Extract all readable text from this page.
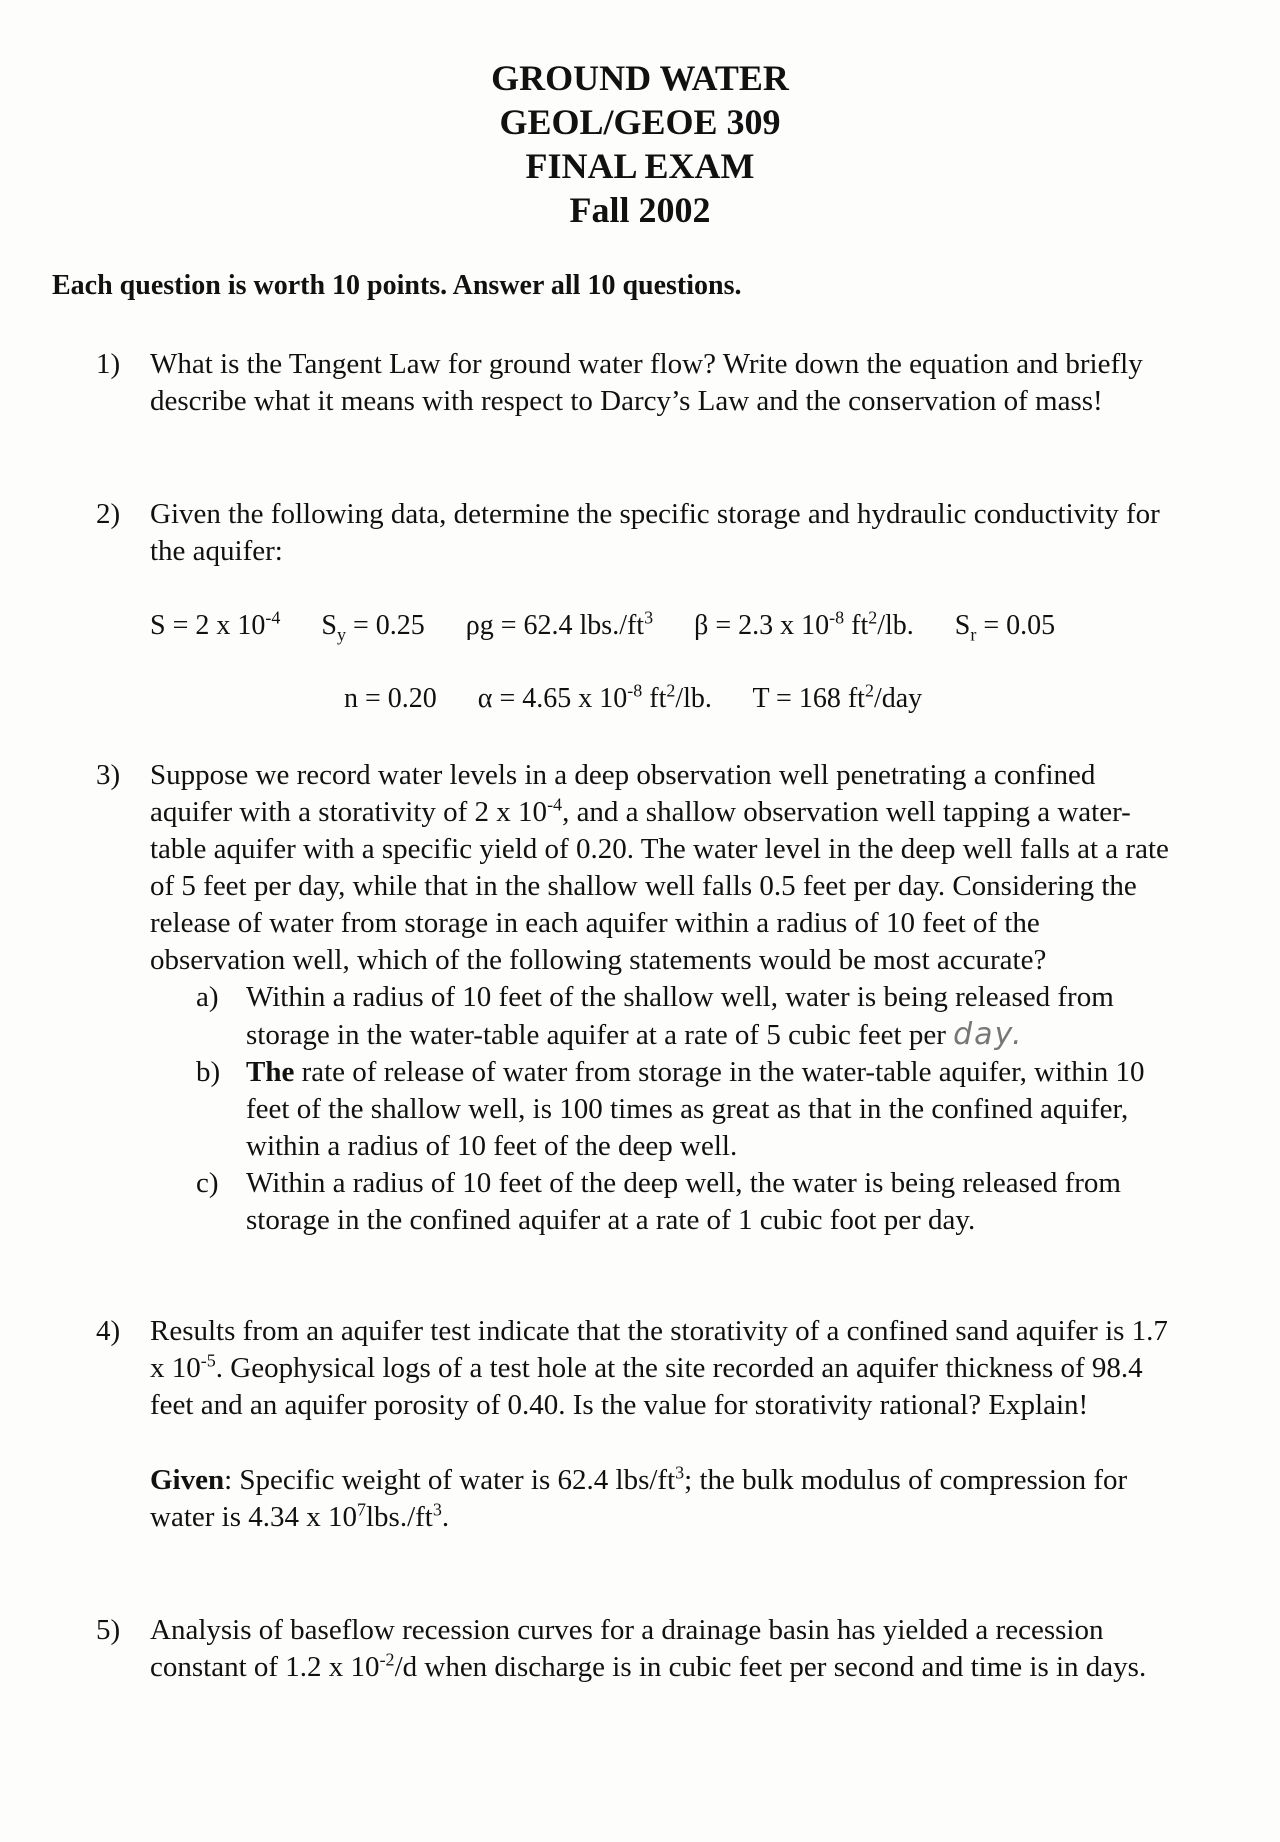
GROUND WATER
GEOL/GEOE 309
FINAL EXAM
Fall 2002
Each question is worth 10 points. Answer all 10 questions.
1) What is the Tangent Law for ground water flow? Write down the equation and briefly describe what it means with respect to Darcy’s Law and the conservation of mass!
2) Given the following data, determine the specific storage and hydraulic conductivity for the aquifer:
S = 2 x $10^{-4}$ $S_y = 0.25$ ρg = 62.4 $lbs./ft^3$ β = 2.3 x $10^{-8}$ $ft^2/lb$. $S_r = 0.05$
n = 0.20 α = 4.65 x $10^{-8}$ $ft^2/lb$. T = 168 $ft^2$/day
3) Suppose we record water levels in a deep observation well penetrating a confined aquifer with a storativity of 2 x $10^{-4}$, and a shallow observation well tapping a water-table aquifer with a specific yield of 0.20. The water level in the deep well falls at a rate of 5 feet per day, while that in the shallow well falls 0.5 feet per day. Considering the release of water from storage in each aquifer within a radius of 10 feet of the observation well, which of the following statements would be most accurate?
a) Within a radius of 10 feet of the shallow well, water is being released from storage in the water-table aquifer at a rate of 5 cubic feet per day.
b) The rate of release of water from storage in the water-table aquifer, within 10 feet of the shallow well, is 100 times as great as that in the confined aquifer, within a radius of 10 feet of the deep well.
c) Within a radius of 10 feet of the deep well, the water is being released from storage in the confined aquifer at a rate of 1 cubic foot per day.
4) Results from an aquifer test indicate that the storativity of a confined sand aquifer is 1.7 x $10^{-5}$. Geophysical logs of a test hole at the site recorded an aquifer thickness of 98.4 feet and an aquifer porosity of 0.40. Is the value for storativity rational? Explain!
Given: Specific weight of water is 62.4 lbs/$ft^3$; the bulk modulus of compression for water is 4.34 x $10^7lbs./ft^3$.
5) Analysis of baseflow recession curves for a drainage basin has yielded a recession constant of 1.2 x $10^{-2}/d$ when discharge is in cubic feet per second and time is in days.
